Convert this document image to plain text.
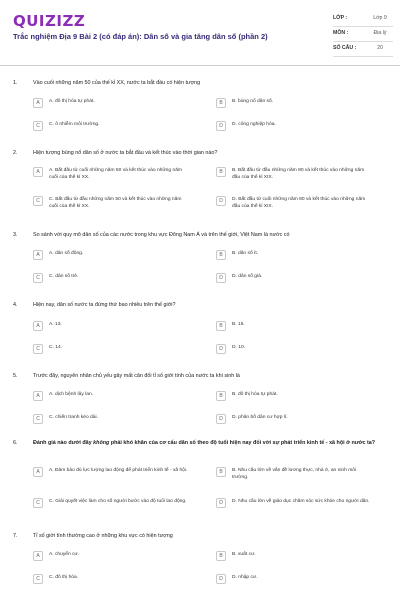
QUIZIZZ
Trắc nghiệm Địa 9 Bài 2 (có đáp án): Dân số và gia tăng dân số (phần 2)
LỚP :	Lớp 9
MÔN :	Địa lý
SỐ CÂU :	20
1.	Vào cuối những năm 50 của thế kỉ XX, nước ta bắt đầu có hiện tượng
A	A. đô thị hóa tự phát.	B	B. bùng nổ dân số.
C	C. ô nhiễm môi trường.	D	D. công nghiệp hóa.
2.	Hiện tượng bùng nổ dân số ở nước ta bắt đầu và kết thúc vào thời gian nào?
A	A. Bắt đầu từ cuối những năm 50 và kết thúc vào những năm cuối của thế kỉ XX.
B	B. Bắt đầu từ đầu những năm 80 và kết thúc vào những năm đầu của thế kỉ XIX.
C	C. Bắt đầu từ đầu những năm 50 và kết thúc vào những năm cuối của thế kỉ XX.
D	D. Bắt đầu từ cuối những năm 80 và kết thúc vào những năm đầu của thế kỉ XIX.
3.	So sánh với quy mô dân số của các nước trong khu vực Đông Nam Á và trên thế giới, Việt Nam là nước có
A	A. dân số đông.	B	B. dân số ít.
C	C. dân số trẻ.	D	D. dân số già.
4.	Hiện nay, dân số nước ta đứng thứ bao nhiêu trên thế giới?
A	A. 13.	B	B. 15.
C	C. 14.	D	D. 10.
5.	Trước đây, nguyên nhân chủ yếu gây mất cân đối tỉ số giới tính của nước ta khi sinh là
A	A. dịch bệnh lây lan.	B	B. đô thị hóa tự phát.
C	C. chiến tranh kéo dài.	D	D. phân bố dân cư hợp lí.
6.	Đánh giá nào dưới đây không phải khó khăn của cơ cấu dân số theo độ tuổi hiện nay đối với sự phát triển kinh tế - xã hội ở nước ta?
A	A. Đảm bảo đủ lực lượng lao động để phát triển kinh tế - xã hội.	B	B. Nhu cầu lớn về vấn đề lương thực, nhà ở, an ninh môi trường.
C	C. Giải quyết việc làm cho số người bước vào độ tuổi lao động.	D	D. Nhu cầu lớn về giáo dục chăm sóc sức khỏe cho người dân.
7.	Tỉ số giới tính thường cao ở những khu vực có hiện tượng
A	A. chuyển cư.	B	B. xuất cư.
C	C. đô thị hóa.	D	D. nhập cư.
